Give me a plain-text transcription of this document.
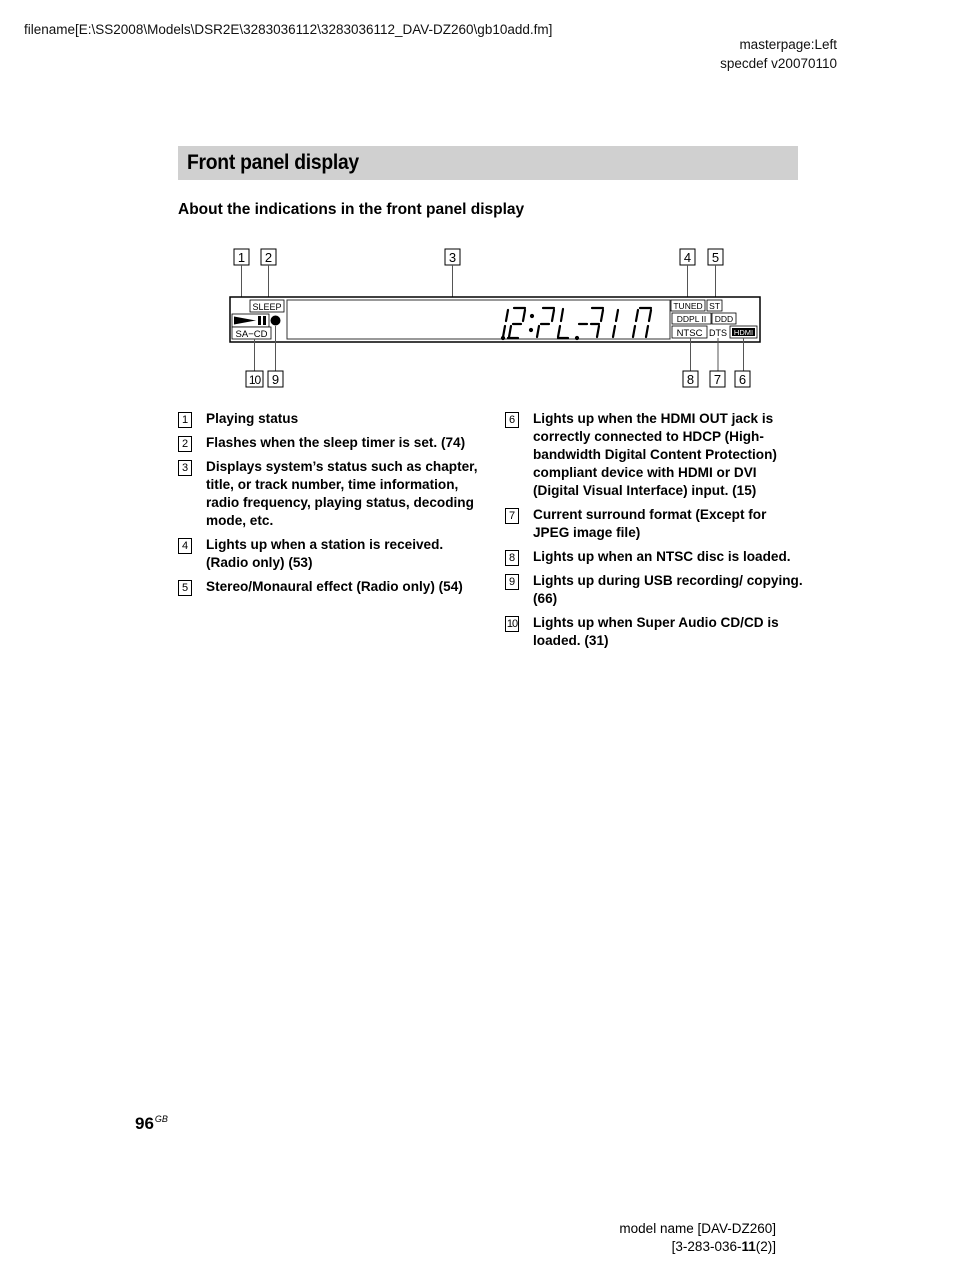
filename[E:\SS2008\Models\DSR2E\3283036112\3283036112_DAV-DZ260\gb10add.fm]
masterpage:Left
specdef v20070110
Front panel display
About the indications in the front panel display
1 2	3	4 5
SLEEP
SA−CD
TUNED ST
DDPL II DDD
NTSC DTS HDMI
10 9	8 7 6
1 Playing status
2 Flashes when the sleep timer is set. (74)
3 Displays system’s status such as chapter, title, or track number, time information, radio frequency, playing status, decoding mode, etc.
4 Lights up when a station is received. (Radio only) (53)
5 Stereo/Monaural effect (Radio only) (54)
6 Lights up when the HDMI OUT jack is correctly connected to HDCP (High-bandwidth Digital Content Protection) compliant device with HDMI or DVI (Digital Visual Interface) input. (15)
7 Current surround format (Except for JPEG image file)
8 Lights up when an NTSC disc is loaded.
9 Lights up during USB recording/ copying. (66)
10 Lights up when Super Audio CD/CD is loaded. (31)
$96^{GB}$
model name [DAV-DZ260]
[3-283-036-11(2)]
